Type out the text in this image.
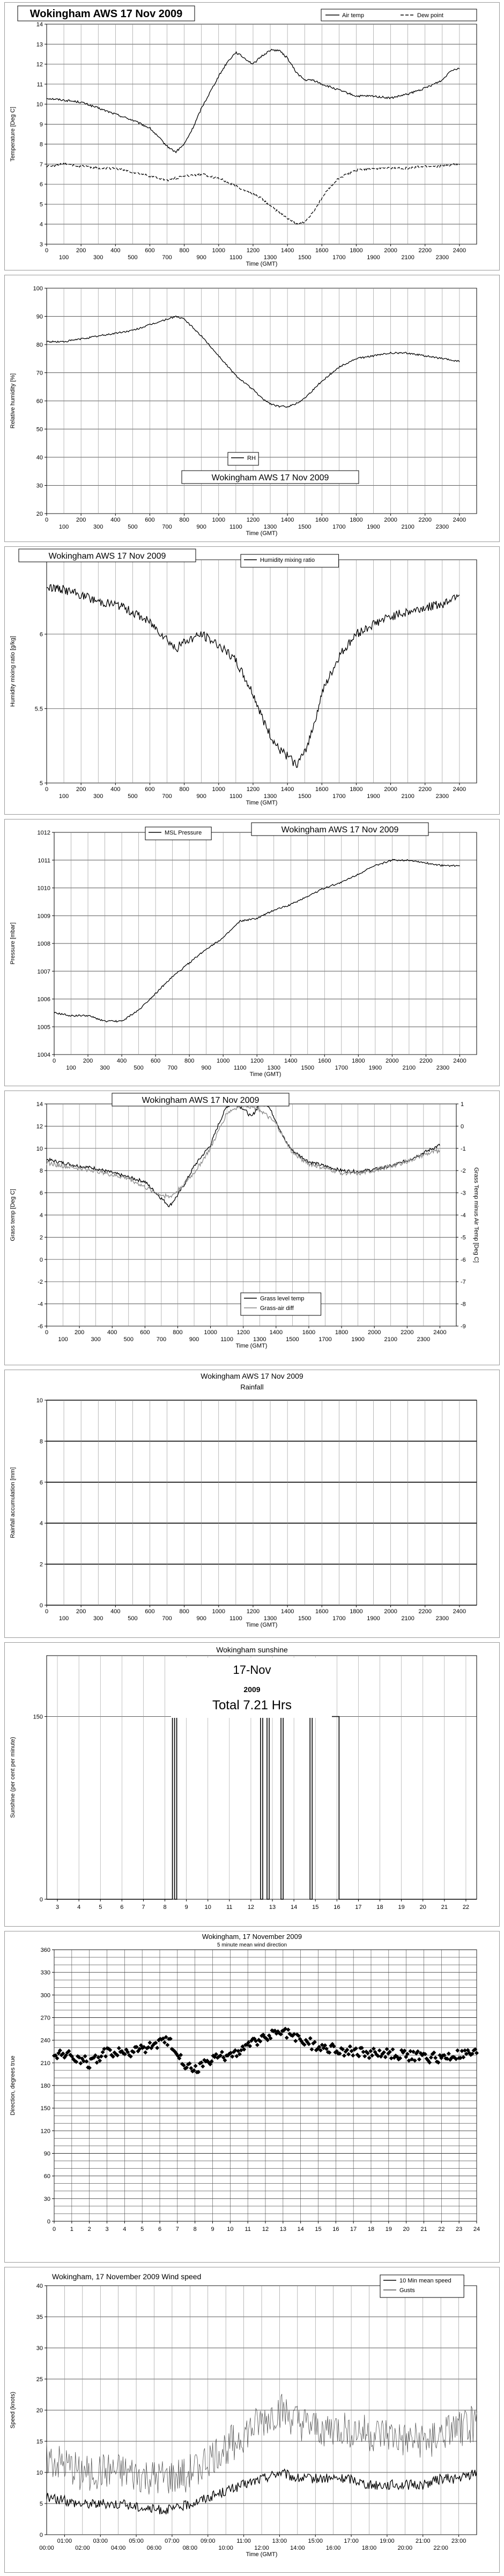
3
4
5
6
7
8
9
10
11
12
13
14
Temperature [Deg C]
0	200	400	600	800	1000	1200	1400	1600	1800	2000	2200	2400
100	300	500	700	900	1100	1300	1500	1700	1900	2100	2300
Time (GMT)
Wokingham AWS 17 Nov 2009	Air temp	Dew point
20
30
40
50
60
70
80
90
100
Relative humidity [%]
0	200	400	600	800	1000	1200	1400	1600	1800	2000	2200	2400
100	300	500	700	900	1100	1300	1500	1700	1900	2100	2300
Time (GMT)
Wokingham AWS 17 Nov 2009
RH
5
5.5
6
Humidity mixing ratio [g/kg]
0	200	400	600	800	1000	1200	1400	1600	1800	2000	2200	2400
100	300	500	700	900	1100	1300	1500	1700	1900	2100	2300
Time (GMT)
Wokingham AWS 17 Nov 2009	Humidity mixing ratio
1004
1005
1006
1007
1008
1009
1010
1011
1012
Pressure [mbar]
0	200	400	600	800	1000	1200	1400	1600	1800	2000	2200	2400
100	300	500	700	900	1100	1300	1500	1700	1900	2100	2300
Time (GMT)
Wokingham AWS 17 Nov 2009
MSL Pressure
-6
-4
-2
0
2
4
6
8
10
12
14
-9
-8
-7
-6
-5
-4
-3
-2
-1
0
1
Grass Temp minus Air Temp [Deg C]
Grass temp [Deg C]
0	200	400	600	800	1000	1200	1400	1600	1800	2000	2200	2400
100	300	500	700	900	1100	1300	1500	1700	1900	2100	2300
Time (GMT)
Wokingham AWS 17 Nov 2009
Grass level temp
Grass-air diff
0
2
4
6
8
10
Rainfall accumulation [mm]
0	200	400	600	800	1000	1200	1400	1600	1800	2000	2200	2400
100	300	500	700	900	1100	1300	1500	1700	1900	2100	2300
Time (GMT)
Wokingham AWS 17 Nov 2009
Rainfall
0
150
Sunshine (per cent per minute)
3	4	5	6	7	8	9	10	11	12	13	14	15	16	17	18	19	20	21	22
Wokingham sunshine
17-Nov
2009
Total 7.21 Hrs
0
30
60
90
120
150
180
210
240
270
300
330
360
Direction, degrees true
0 1 2 3 4 5 6 7 8 9 10 11 12 13 14 15 16 17 18 19 20 21 22 23 24
Wokingham, 17 November 2009
5 minute mean wind direction
0
5
10
15
20
25
30
35
40
Speed (knots)
01:00	03:00	05:00	07:00	09:00	11:00	13:00	15:00	17:00	19:00	21:00	23:00
00:00	02:00	04:00	06:00	08:00	10:00	12:00	14:00	16:00	18:00	20:00	22:00
Time (GMT)
Wokingham, 17 November 2009 Wind speed	10 Min mean speed
Gusts
